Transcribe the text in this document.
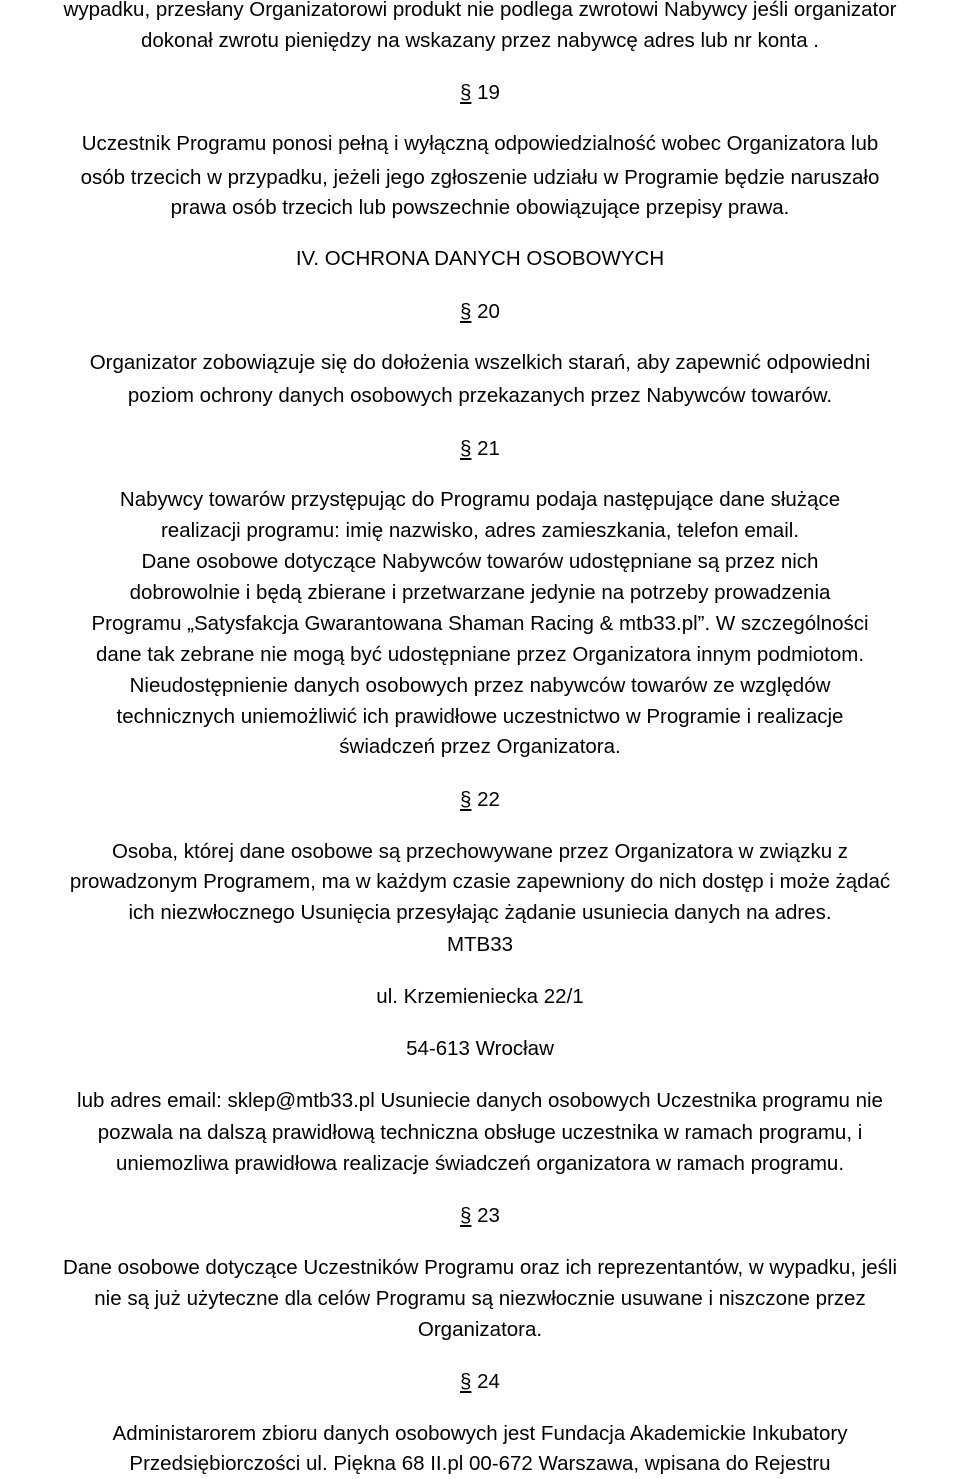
wypadku, przesłany Organizatorowi produkt nie podlega zwrotowi Nabywcy jeśli organizator
dokonał zwrotu pieniędzy na wskazany przez nabywcę adres lub nr konta .
§ 19
Uczestnik Programu ponosi pełną i wyłączną odpowiedzialność wobec Organizatora lub
osób trzecich w przypadku, jeżeli jego zgłoszenie udziału w Programie będzie naruszało
prawa osób trzecich lub powszechnie obowiązujące przepisy prawa.
IV. OCHRONA DANYCH OSOBOWYCH
§ 20
Organizator zobowiązuje się do dołożenia wszelkich starań, aby zapewnić odpowiedni
poziom ochrony danych osobowych przekazanych przez Nabywców towarów.
§ 21
Nabywcy towarów przystępując do Programu podaja następujące dane służące
realizacji programu: imię nazwisko, adres zamieszkania, telefon email.
Dane osobowe dotyczące Nabywców towarów udostępniane są przez nich
dobrowolnie i będą zbierane i przetwarzane jedynie na potrzeby prowadzenia
Programu „Satysfakcja Gwarantowana Shaman Racing & mtb33.pl”. W szczególności
dane tak zebrane nie mogą być udostępniane przez Organizatora innym podmiotom.
Nieudostępnienie danych osobowych przez nabywców towarów ze względów
technicznych uniemożliwić ich prawidłowe uczestnictwo w Programie i realizacje
świadczeń przez Organizatora.
§ 22
Osoba, której dane osobowe są przechowywane przez Organizatora w związku z
prowadzonym Programem, ma w każdym czasie zapewniony do nich dostęp i może żądać
ich niezwłocznego Usunięcia przesyłając żądanie usuniecia danych na adres.
MTB33
ul. Krzemieniecka 22/1
54-613 Wrocław
lub adres email: sklep@mtb33.pl Usuniecie danych osobowych Uczestnika programu nie
pozwala na dalszą prawidłową techniczna obsługe uczestnika w ramach programu, i
uniemozliwa prawidłowa realizacje świadczeń organizatora w ramach programu.
§ 23
Dane osobowe dotyczące Uczestników Programu oraz ich reprezentantów, w wypadku, jeśli
nie są już użyteczne dla celów Programu są niezwłocznie usuwane i niszczone przez
Organizatora.
§ 24
Administarorem zbioru danych osobowych jest Fundacja Akademickie Inkubatory
Przedsiębiorczości ul. Piękna 68 II.pl 00-672 Warszawa, wpisana do Rejestru
